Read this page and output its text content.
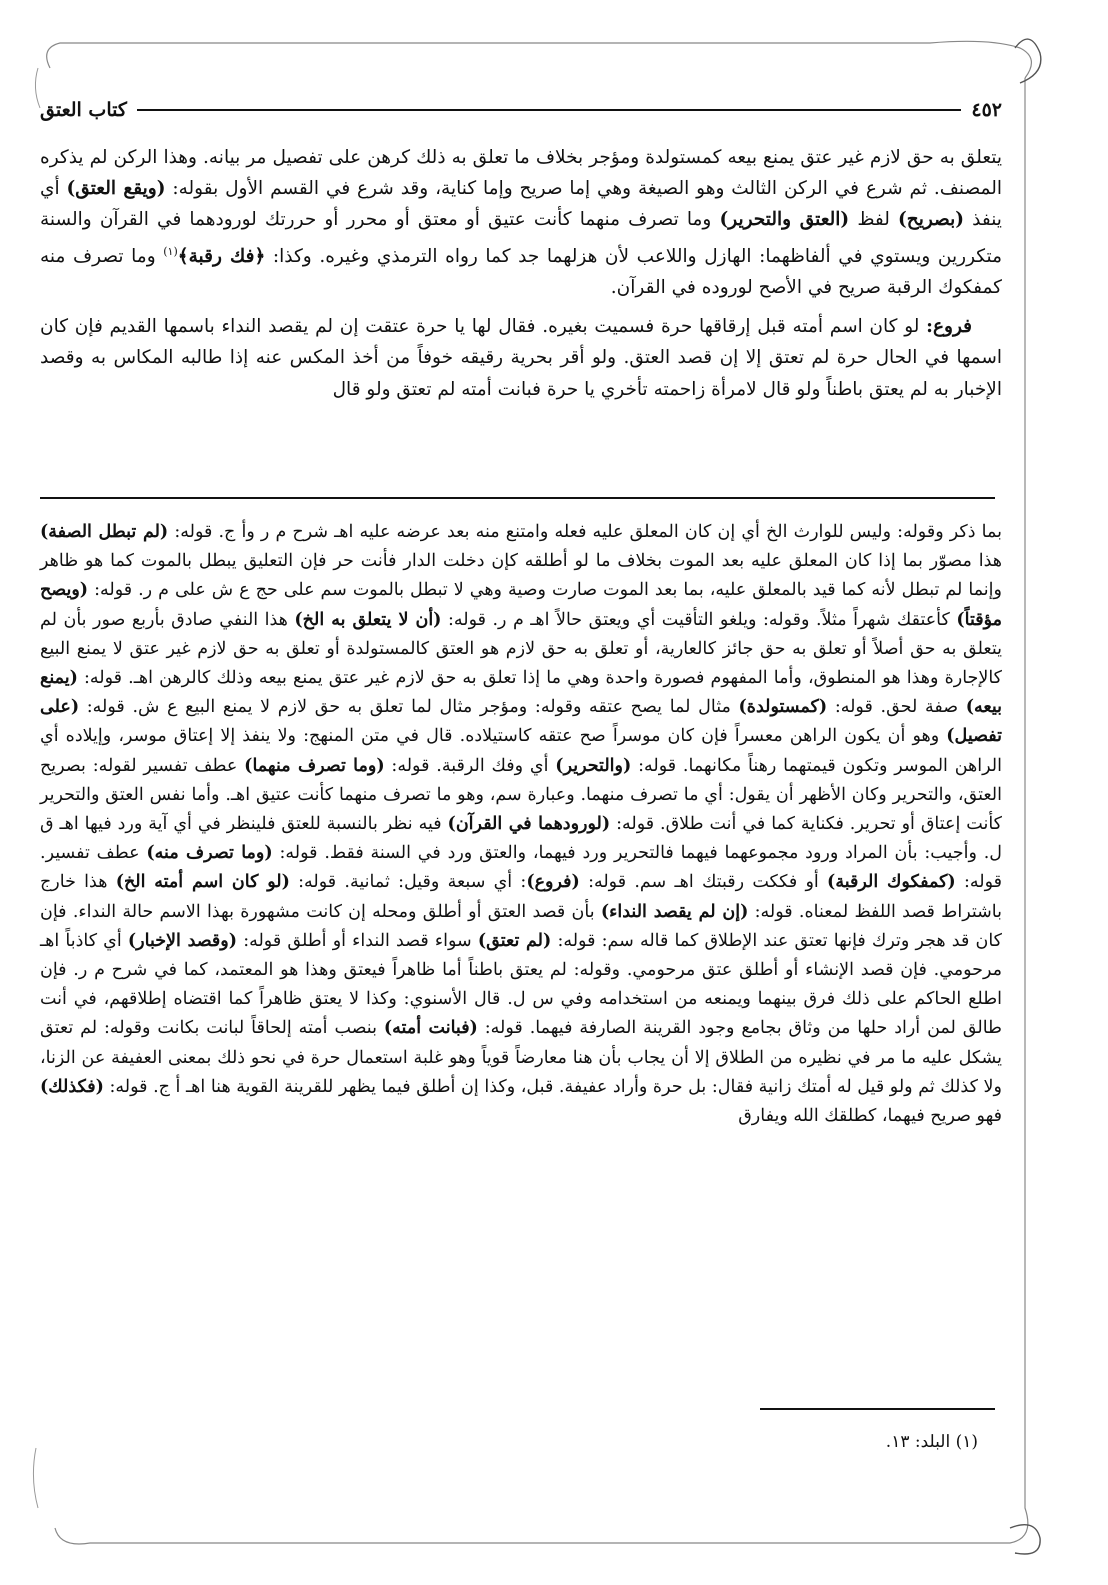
٤٥٢
كتاب العتق

يتعلق به حق لازم غير عتق يمنع بيعه كمستولدة ومؤجر بخلاف ما تعلق به ذلك كرهن على تفصيل مر بيانه. وهذا الركن لم يذكره المصنف. ثم شرع في الركن الثالث وهو الصيغة وهي إما صريح وإما كناية، وقد شرع في القسم الأول بقوله: (ويقع العتق) أي ينفذ (بصريح) لفظ (العتق والتحرير) وما تصرف منهما كأنت عتيق أو معتق أو محرر أو حررتك لورودهما في القرآن والسنة متكررين ويستوي في ألفاظهما: الهازل واللاعب لأن هزلهما جد كما رواه الترمذي وغيره. وكذا: ﴿فك رقبة﴾$^{(١)}$ وما تصرف منه كمفكوك الرقبة صريح في الأصح لوروده في القرآن.

فروع: لو كان اسم أمته قبل إرقاقها حرة فسميت بغيره. فقال لها يا حرة عتقت إن لم يقصد النداء باسمها القديم فإن كان اسمها في الحال حرة لم تعتق إلا إن قصد العتق. ولو أقر بحرية رقيقه خوفاً من أخذ المكس عنه إذا طالبه المكاس به وقصد الإخبار به لم يعتق باطناً ولو قال لامرأة زاحمته تأخري يا حرة فبانت أمته لم تعتق ولو قال

بما ذكر وقوله: وليس للوارث الخ أي إن كان المعلق عليه فعله وامتنع منه بعد عرضه عليه اهـ شرح م ر وأ ج. قوله: (لم تبطل الصفة) هذا مصوّر بما إذا كان المعلق عليه بعد الموت بخلاف ما لو أطلقه كإن دخلت الدار فأنت حر فإن التعليق يبطل بالموت كما هو ظاهر وإنما لم تبطل لأنه كما قيد بالمعلق عليه، بما بعد الموت صارت وصية وهي لا تبطل بالموت سم على حج ع ش على م ر. قوله: (ويصح مؤقتاً) كأعتقك شهراً مثلاً. وقوله: ويلغو التأقيت أي ويعتق حالاً اهـ م ر. قوله: (أن لا يتعلق به الخ) هذا النفي صادق بأربع صور بأن لم يتعلق به حق أصلاً أو تعلق به حق جائز كالعارية، أو تعلق به حق لازم هو العتق كالمستولدة أو تعلق به حق لازم غير عتق لا يمنع البيع كالإجارة وهذا هو المنطوق، وأما المفهوم فصورة واحدة وهي ما إذا تعلق به حق لازم غير عتق يمنع بيعه وذلك كالرهن اهـ. قوله: (يمنع بيعه) صفة لحق. قوله: (كمستولدة) مثال لما يصح عتقه وقوله: ومؤجر مثال لما تعلق به حق لازم لا يمنع البيع ع ش. قوله: (على تفصيل) وهو أن يكون الراهن معسراً فإن كان موسراً صح عتقه كاستيلاده. قال في متن المنهج: ولا ينفذ إلا إعتاق موسر، وإيلاده أي الراهن الموسر وتكون قيمتهما رهناً مكانهما. قوله: (والتحرير) أي وفك الرقبة. قوله: (وما تصرف منهما) عطف تفسير لقوله: بصريح العتق، والتحرير وكان الأظهر أن يقول: أي ما تصرف منهما. وعبارة سم، وهو ما تصرف منهما كأنت عتيق اهـ. وأما نفس العتق والتحرير كأنت إعتاق أو تحرير. فكناية كما في أنت طلاق. قوله: (لورودهما في القرآن) فيه نظر بالنسبة للعتق فلينظر في أي آية ورد فيها اهـ ق ل. وأجيب: بأن المراد ورود مجموعهما فيهما فالتحرير ورد فيهما، والعتق ورد في السنة فقط. قوله: (وما تصرف منه) عطف تفسير. قوله: (كمفكوك الرقبة) أو فككت رقبتك اهـ سم. قوله: (فروع): أي سبعة وقيل: ثمانية. قوله: (لو كان اسم أمته الخ) هذا خارج باشتراط قصد اللفظ لمعناه. قوله: (إن لم يقصد النداء) بأن قصد العتق أو أطلق ومحله إن كانت مشهورة بهذا الاسم حالة النداء. فإن كان قد هجر وترك فإنها تعتق عند الإطلاق كما قاله سم: قوله: (لم تعتق) سواء قصد النداء أو أطلق قوله: (وقصد الإخبار) أي كاذباً اهـ مرحومي. فإن قصد الإنشاء أو أطلق عتق مرحومي. وقوله: لم يعتق باطناً أما ظاهراً فيعتق وهذا هو المعتمد، كما في شرح م ر. فإن اطلع الحاكم على ذلك فرق بينهما ويمنعه من استخدامه وفي س ل. قال الأسنوي: وكذا لا يعتق ظاهراً كما اقتضاه إطلاقهم، في أنت طالق لمن أراد حلها من وثاق بجامع وجود القرينة الصارفة فيهما. قوله: (فبانت أمته) بنصب أمته إلحاقاً لبانت بكانت وقوله: لم تعتق يشكل عليه ما مر في نظيره من الطلاق إلا أن يجاب بأن هنا معارضاً قوياً وهو غلبة استعمال حرة في نحو ذلك بمعنى العفيفة عن الزنا، ولا كذلك ثم ولو قيل له أمتك زانية فقال: بل حرة وأراد عفيفة. قبل، وكذا إن أطلق فيما يظهر للقرينة القوية هنا اهـ أ ج. قوله: (فكذلك) فهو صريح فيهما، كطلقك الله ويفارق

(١) البلد: ١٣.
